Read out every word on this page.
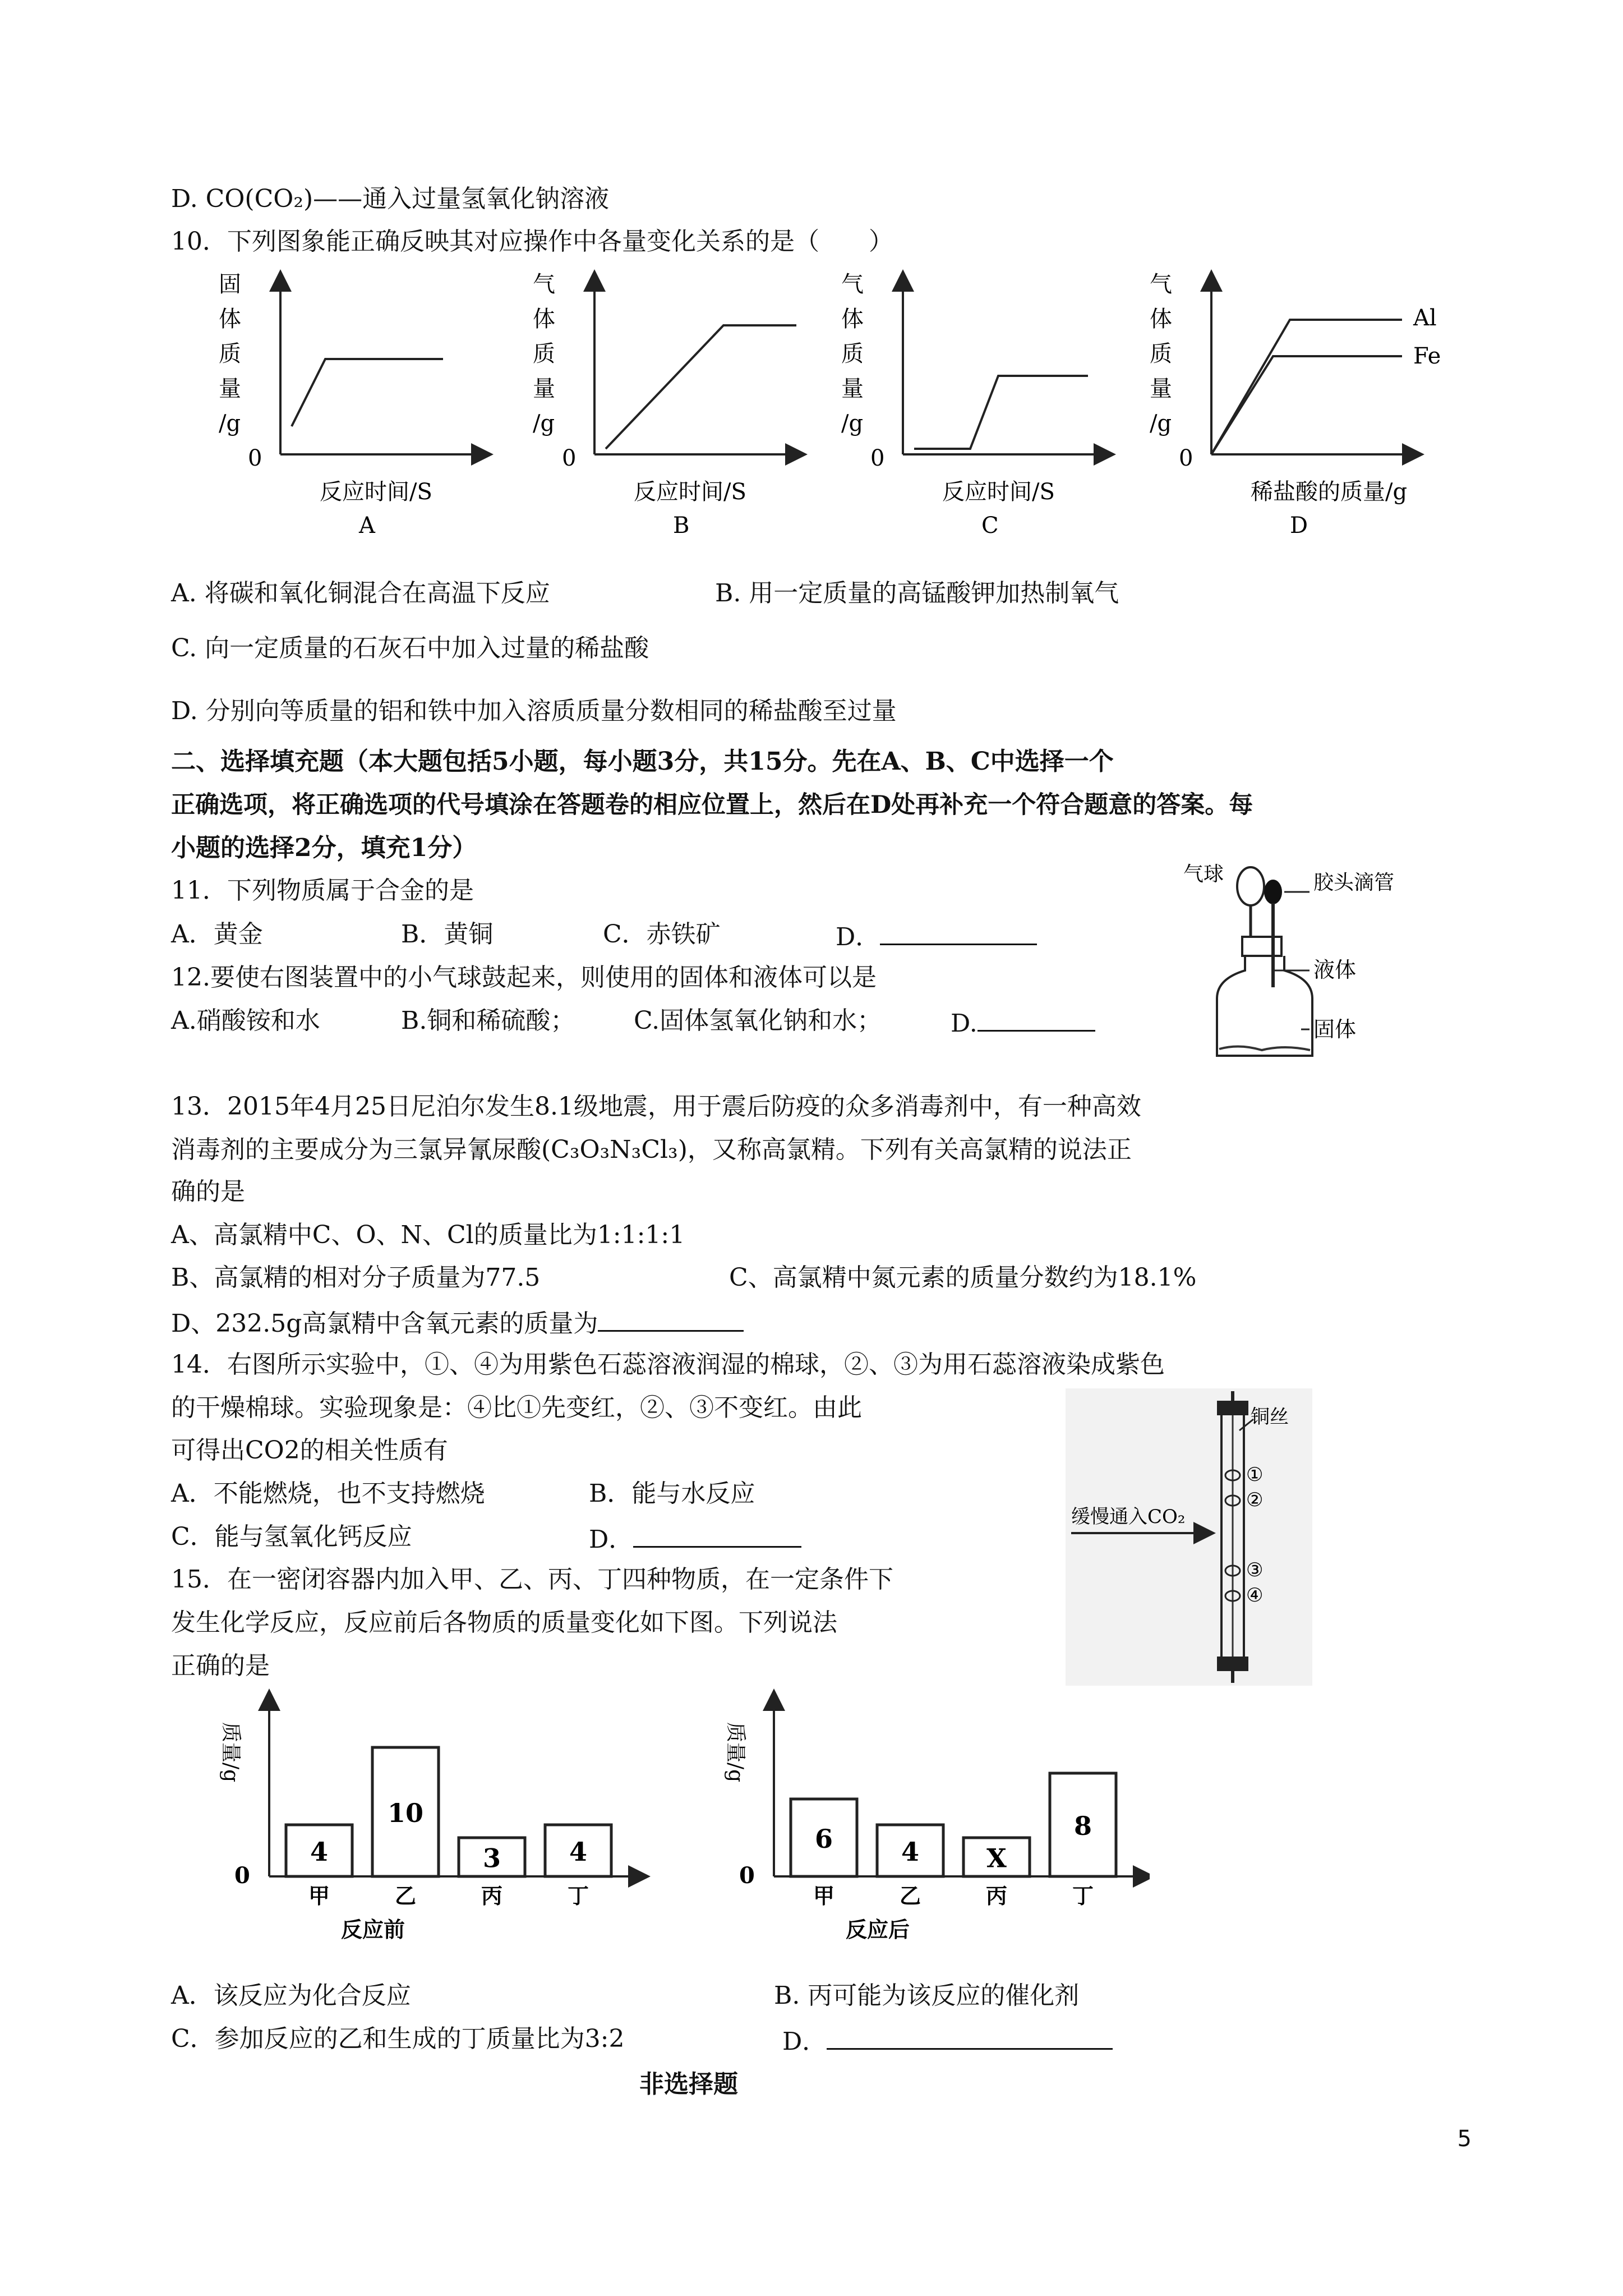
D. CO(CO₂)——通入过量氢氧化钠溶液
10．下列图象能正确反映其对应操作中各量变化关系的是（　　）
固
体
质
量
/g
0
反应时间/S
A
气
体
质
量
/g
0
反应时间/S
B
气
体
质
量
/g
0
反应时间/S
C
气
体
质
量
/g
0
稀盐酸的质量/g
D
Al
Fe
A. 将碳和氧化铜混合在高温下反应	B. 用一定质量的高锰酸钾加热制氧气
C. 向一定质量的石灰石中加入过量的稀盐酸
D. 分别向等质量的铝和铁中加入溶质质量分数相同的稀盐酸至过量
二、选择填充题（本大题包括5小题，每小题3分，共15分。先在A、B、C中选择一个
正确选项，将正确选项的代号填涂在答题卷的相应位置上，然后在D处再补充一个符合题意的答案。每
小题的选择2分，填充1分）
11．下列物质属于合金的是
A．黄金	B．黄铜	C．赤铁矿	D．
12.要使右图装置中的小气球鼓起来，则使用的固体和液体可以是
A.硝酸铵和水	B.铜和稀硫酸； C.固体氢氧化钠和水；	D.
气球	胶头滴管
液体
固体
13．2015年4月25日尼泊尔发生8.1级地震，用于震后防疫的众多消毒剂中，有一种高效
消毒剂的主要成分为三氯异氰尿酸(C₃O₃N₃Cl₃)，又称高氯精。下列有关高氯精的说法正
确的是
A、高氯精中C、O、N、Cl的质量比为1:1:1:1
B、高氯精的相对分子质量为77.5	C、高氯精中氮元素的质量分数约为18.1%
D、232.5g高氯精中含氧元素的质量为
14．右图所示实验中，①、④为用紫色石蕊溶液润湿的棉球，②、③为用石蕊溶液染成紫色
的干燥棉球。实验现象是：④比①先变红，②、③不变红。由此
可得出CO2的相关性质有
A．不能燃烧，也不支持燃烧	B．能与水反应
C．能与氢氧化钙反应	D．
铜丝
缓慢通入CO₂
①
②
③
④
15．在一密闭容器内加入甲、乙、丙、丁四种物质，在一定条件下
发生化学反应，反应前后各物质的质量变化如下图。下列说法
正确的是
质量/g
0
4
甲
10
乙
3
丙
4
丁
反应前
质量/g
0
6
甲
4
乙
X
丙
8
丁
反应后
A．该反应为化合反应	B. 丙可能为该反应的催化剂
C．参加反应的乙和生成的丁质量比为3:2	D．
非选择题
5
